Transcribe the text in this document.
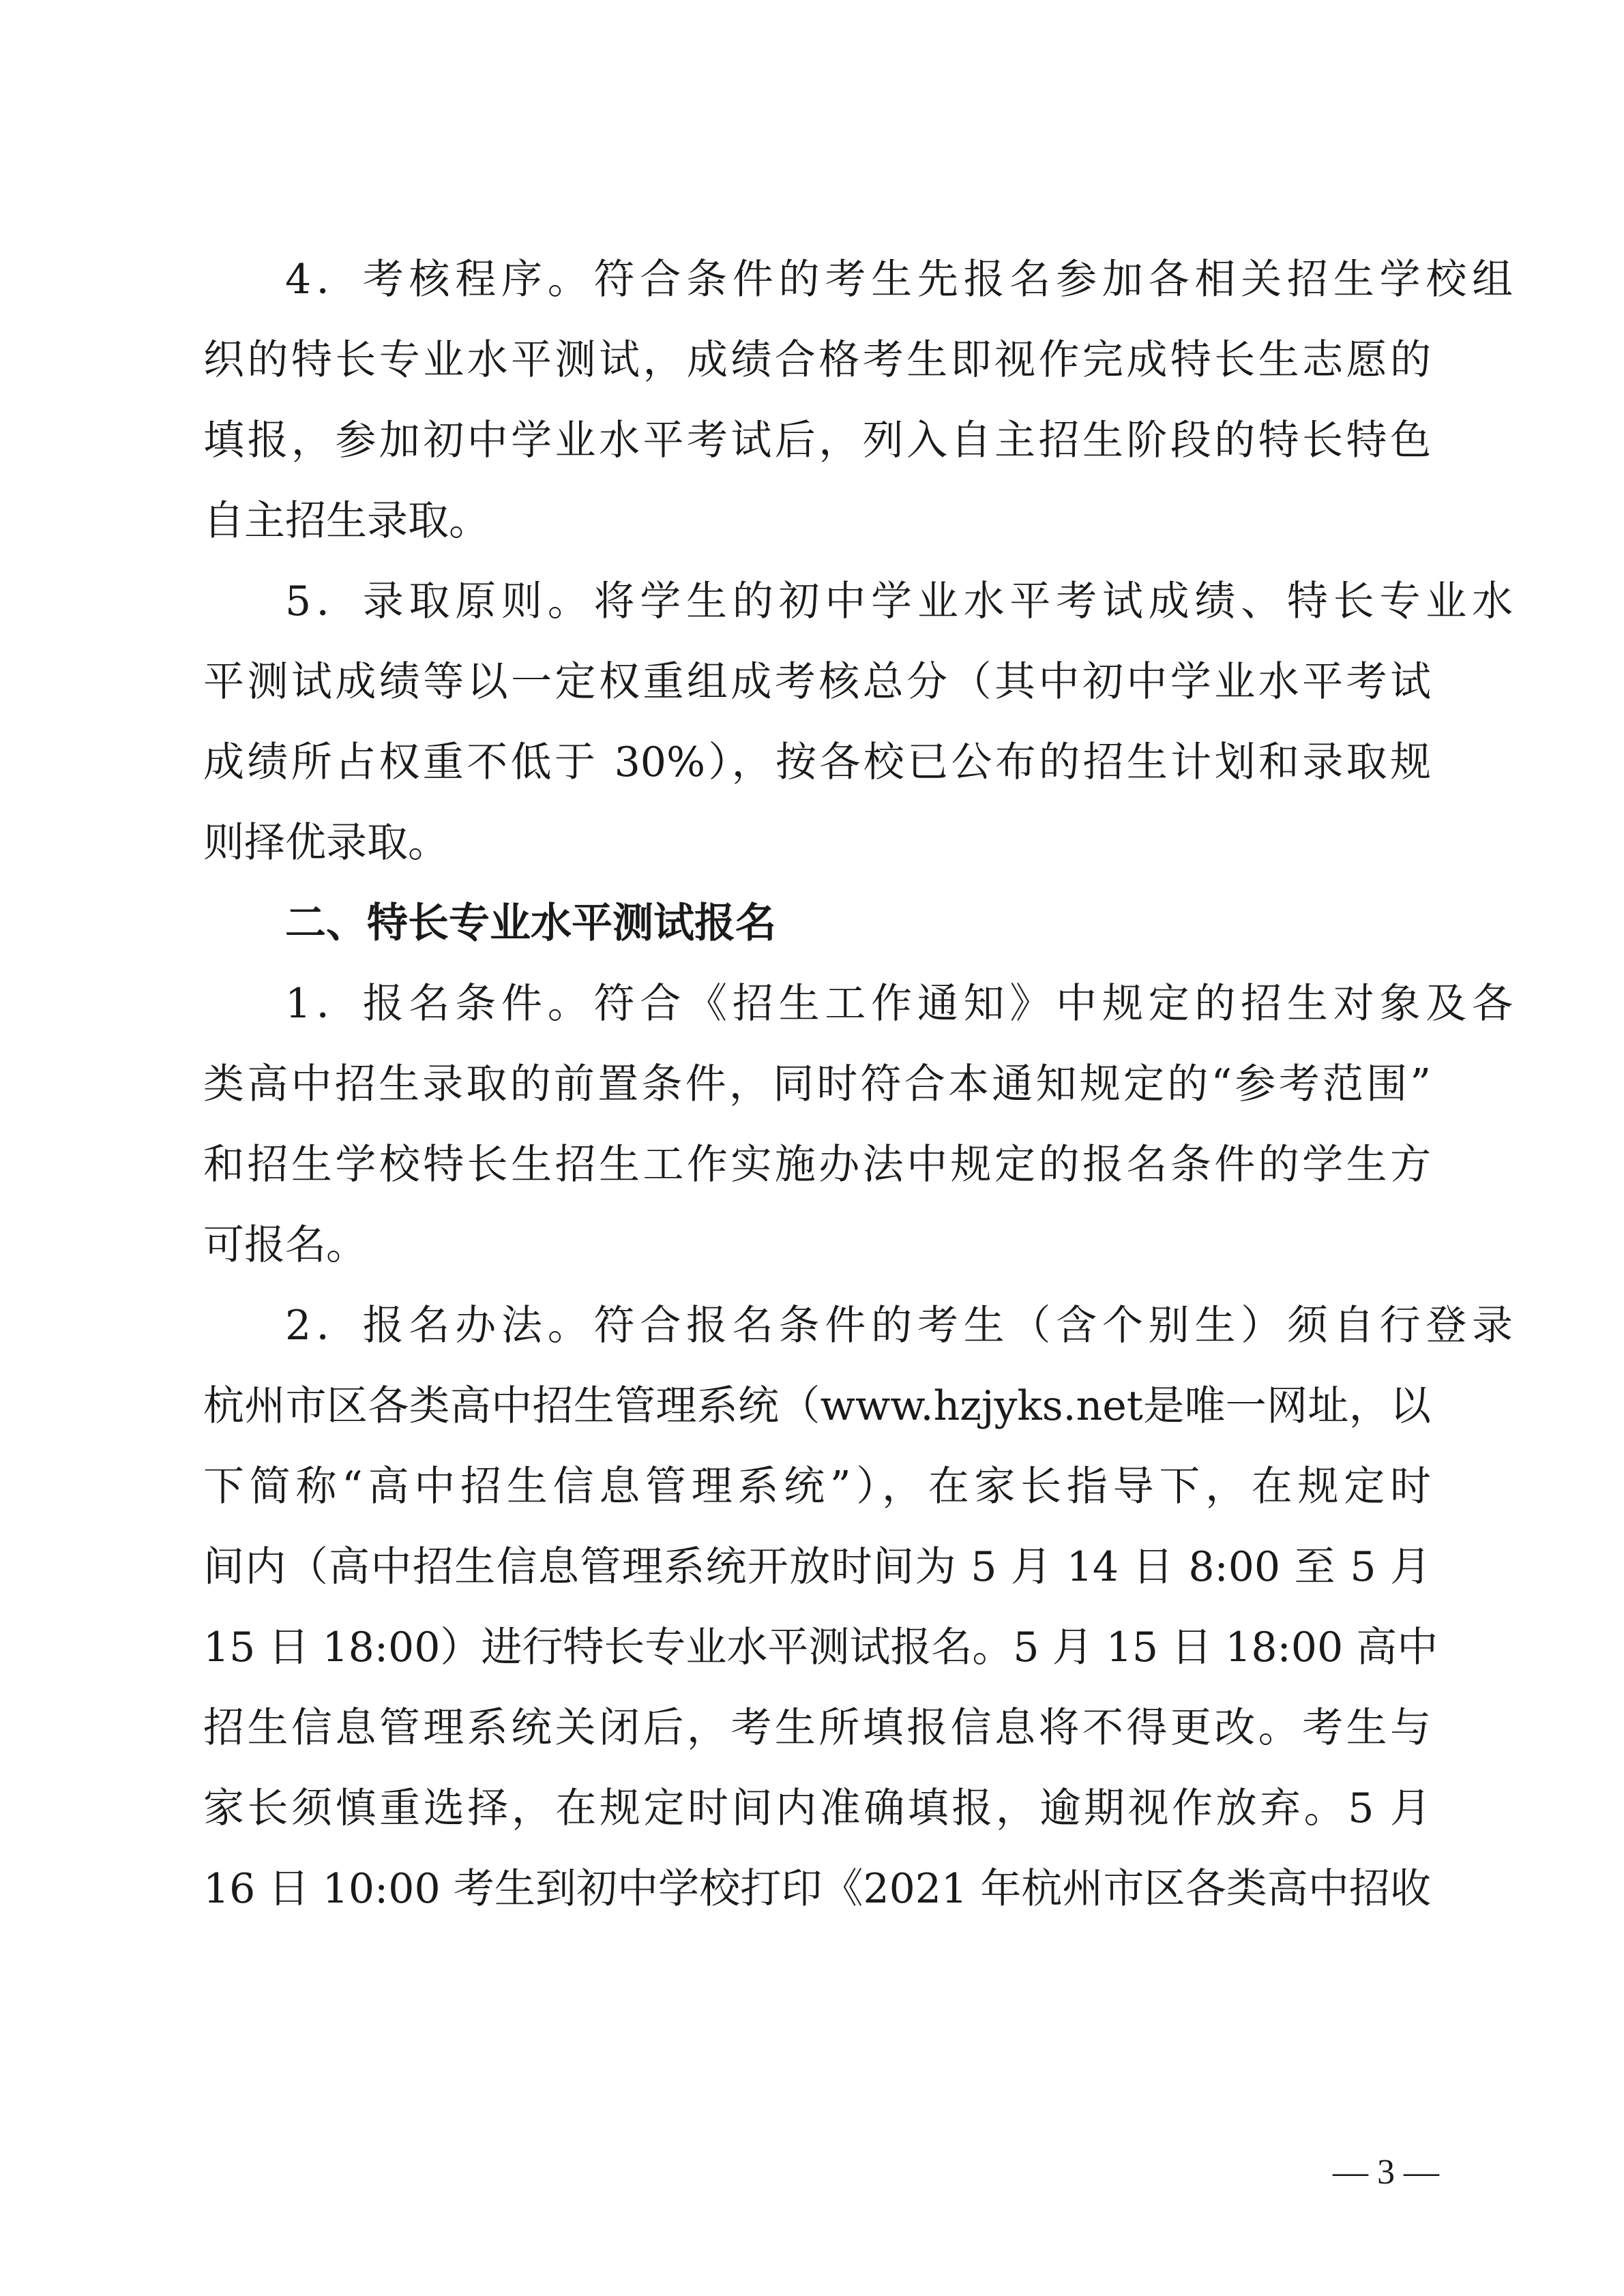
4．考核程序。符合条件的考生先报名参加各相关招生学校组
织的特长专业水平测试，成绩合格考生即视作完成特长生志愿的
填报，参加初中学业水平考试后，列入自主招生阶段的特长特色
自主招生录取。
5．录取原则。将学生的初中学业水平考试成绩、特长专业水
平测试成绩等以一定权重组成考核总分（其中初中学业水平考试
成绩所占权重不低于 30%），按各校已公布的招生计划和录取规
则择优录取。
二、特长专业水平测试报名
1．报名条件。符合《招生工作通知》中规定的招生对象及各
类高中招生录取的前置条件，同时符合本通知规定的“参考范围”
和招生学校特长生招生工作实施办法中规定的报名条件的学生方
可报名。
2．报名办法。符合报名条件的考生（含个别生）须自行登录
杭州市区各类高中招生管理系统（www.hzjyks.net是唯一网址，以
下简称“高中招生信息管理系统”），在家长指导下，在规定时
间内（高中招生信息管理系统开放时间为 5 月 14 日 8:00 至 5 月
15 日 18:00）进行特长专业水平测试报名。5 月 15 日 18:00 高中
招生信息管理系统关闭后，考生所填报信息将不得更改。考生与
家长须慎重选择，在规定时间内准确填报，逾期视作放弃。5 月
16 日 10:00 考生到初中学校打印《2021 年杭州市区各类高中招收
— 3 —
